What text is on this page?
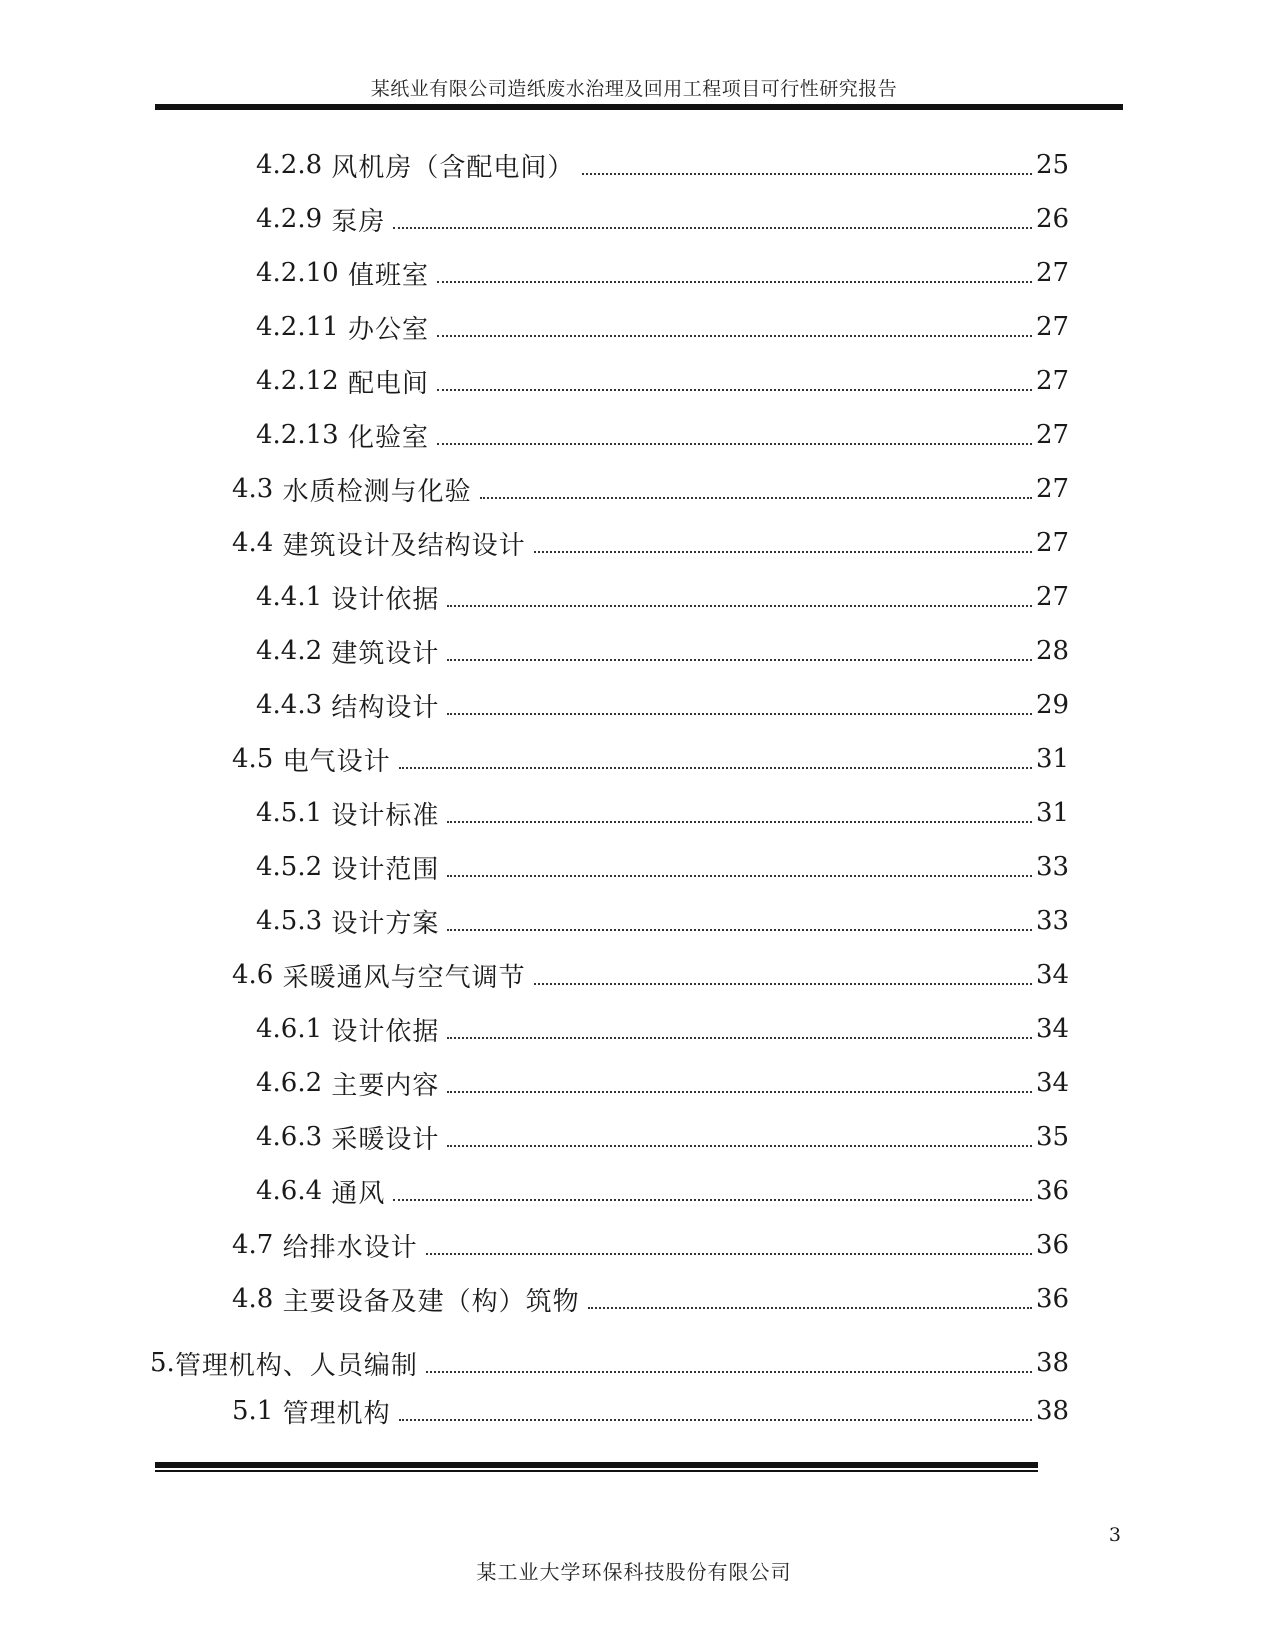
某纸业有限公司造纸废水治理及回用工程项目可行性研究报告
4.2.8 风机房（含配电间）	25
4.2.9 泵房	26
4.2.10 值班室	27
4.2.11 办公室	27
4.2.12 配电间	27
4.2.13 化验室	27
4.3 水质检测与化验	27
4.4 建筑设计及结构设计	27
4.4.1 设计依据	27
4.4.2 建筑设计	28
4.4.3 结构设计	29
4.5 电气设计	31
4.5.1 设计标准	31
4.5.2 设计范围	33
4.5.3 设计方案	33
4.6 采暖通风与空气调节	34
4.6.1 设计依据	34
4.6.2 主要内容	34
4.6.3 采暖设计	35
4.6.4 通风	36
4.7 给排水设计	36
4.8 主要设备及建（构）筑物	36
5. 管理机构、人员编制	38
5.1 管理机构	38
3
某工业大学环保科技股份有限公司
